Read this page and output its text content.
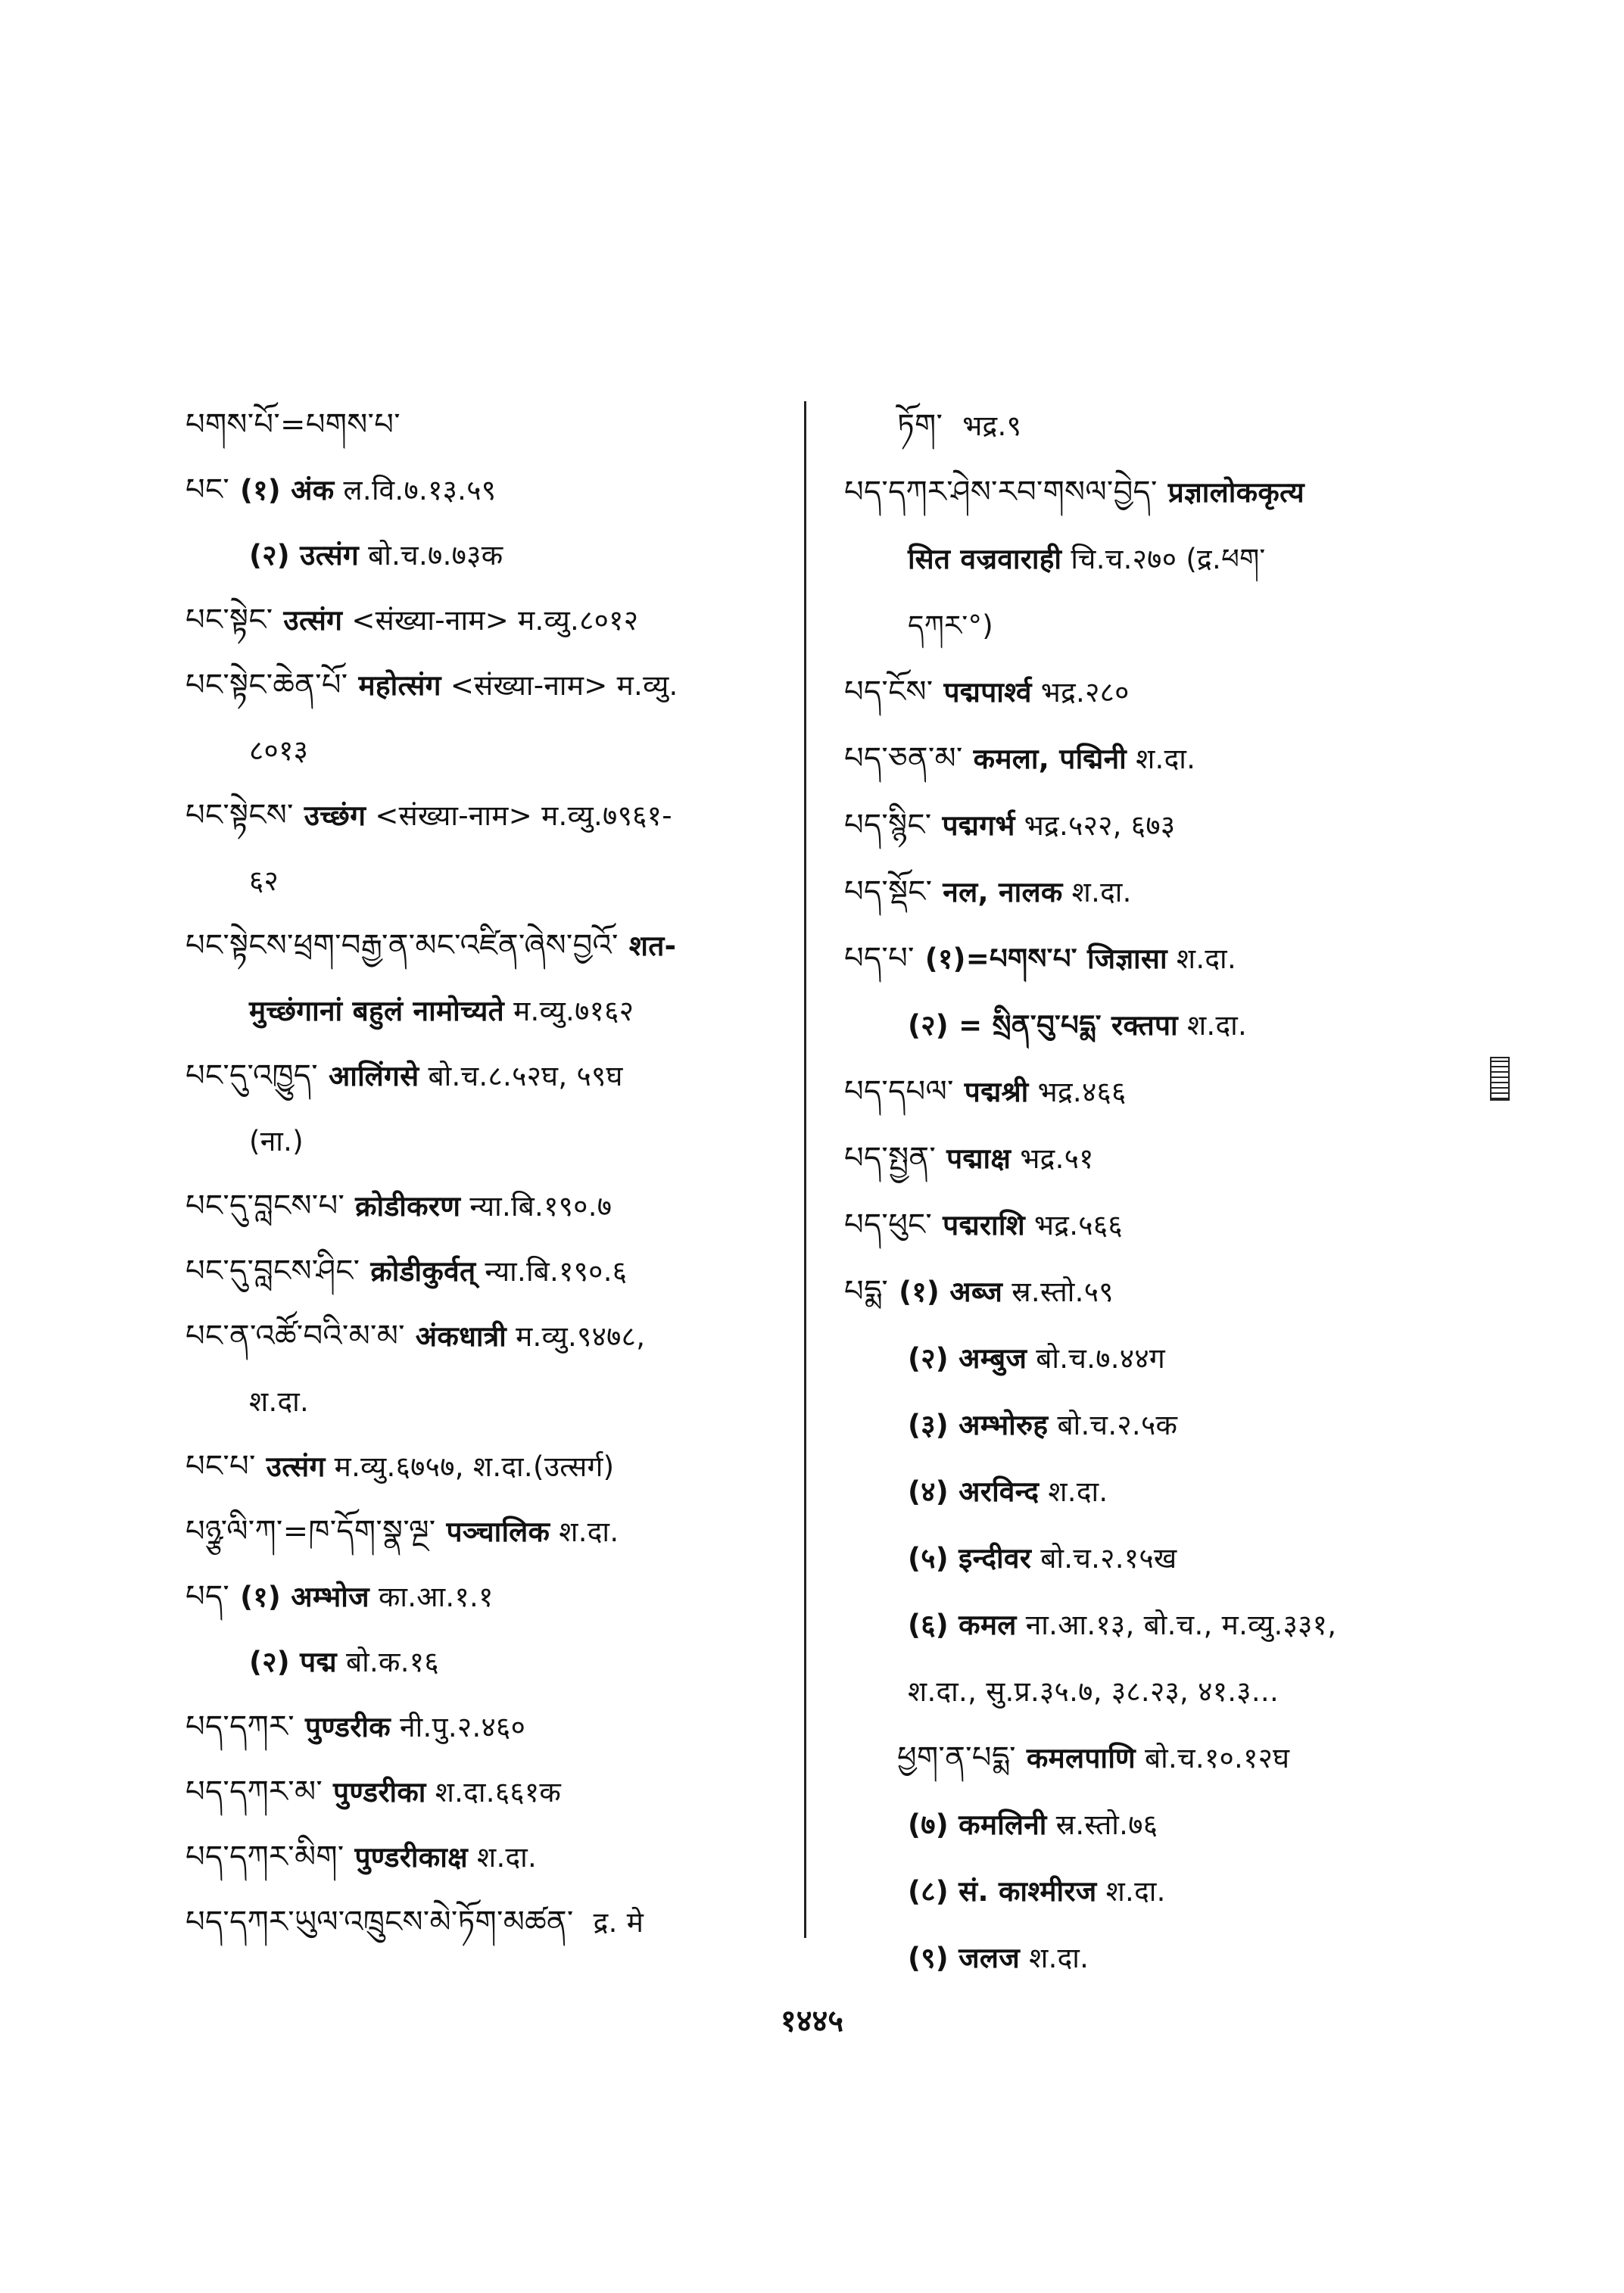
པགས་པོ་=པགས་པ་
པང་ (१) अंक ल.वि.७.१३.५९
(२) उत्संग बो.च.७.७३क
པང་སྟེང་ उत्संग <संख्या-नाम> म.व्यु.८०१२
པང་སྟེང་ཆེན་པོ་ महोत्संग <संख्या-नाम> म.व्यु.
८०१३
པང་སྟེངས་ उच्छंग <संख्या-नाम> म.व्यु.७९६१-
६२
པང་སྟེངས་ཕྲག་བརྒྱ་ན་མང་འཛིན་ཞེས་བྱའོ་ शत-
मुच्छंगानां बहुलं नामोच्यते म.व्यु.७१६२
པང་དུ་འཁྱུད་ आलिंगसे बो.च.८.५२घ, ५९घ
(ना.)
པང་དུ་བླངས་པ་ क्रोडीकरण न्या.बि.१९०.७
པང་དུ་བླངས་ཤིང་ क्रोडीकुर्वत् न्या.बि.१९०.६
པང་ན་འཚོ་བའི་མ་མ་ अंकधात्री म.व्यु.९४७८,
श.दा.
པང་པ་ उत्संग म.व्यु.६७५७, श.दा.(उत्सर्ग)
པཉྩ་ལི་ཀ་=ཁ་དོག་སྣ་ལྔ་ पञ्चालिक श.दा.
པད་ (१) अम्भोज का.आ.१.१
(२) पद्म बो.क.१६
པད་དཀར་ पुण्डरीक नी.पु.२.४६०
པད་དཀར་མ་ पुण्डरीका श.दा.६६१क
པད་དཀར་མིག་ पुण्डरीकाक्ष श.दा.
པད་དཀར་ཡུལ་འཁྲུངས་མེ་ཏོག་མཚན་ द्र. मे
ཏོག་ भद्र.९
པད་དཀར་ཤེས་རབ་གསལ་བྱེད་ प्रज्ञालोककृत्य
सित वज्रवाराही चि.च.२७० (द्र.ཕག་
དཀར་°)
པད་ངོས་ पद्मपार्श्व भद्र.२८०
པད་ཅན་མ་ कमला, पद्मिनी श.दा.
པད་སྙིང་ पद्मगर्भ भद्र.५२२, ६७३
པད་སྡོང་ नल, नालक श.दा.
པད་པ་ (१)=པགས་པ་ जिज्ञासा श.दा.
(२) = སྲིན་བུ་པདྨ་ रक्तपा श.दा.
པད་དཔལ་ पद्मश्री भद्र.४६६
པད་སྤྱན་ पद्माक्ष भद्र.५१
པད་ཕུང་ पद्मराशि भद्र.५६६
པདྨ་ (१) अब्ज स्र.स्तो.५९
(२) अम्बुज बो.च.७.४४ग
(३) अम्भोरुह बो.च.२.५क
(४) अरविन्द श.दा.
(५) इन्दीवर बो.च.२.१५ख
(६) कमल ना.आ.१३, बो.च., म.व्यु.३३१,
श.दा., सु.प्र.३५.७, ३८.२३, ४१.३...
ཕྱག་ན་པདྨ་ कमलपाणि बो.च.१०.१२घ
(७) कमलिनी स्र.स्तो.७६
(८) सं. काश्मीरज श.दा.
(९) जलज श.दा.
१४४५
